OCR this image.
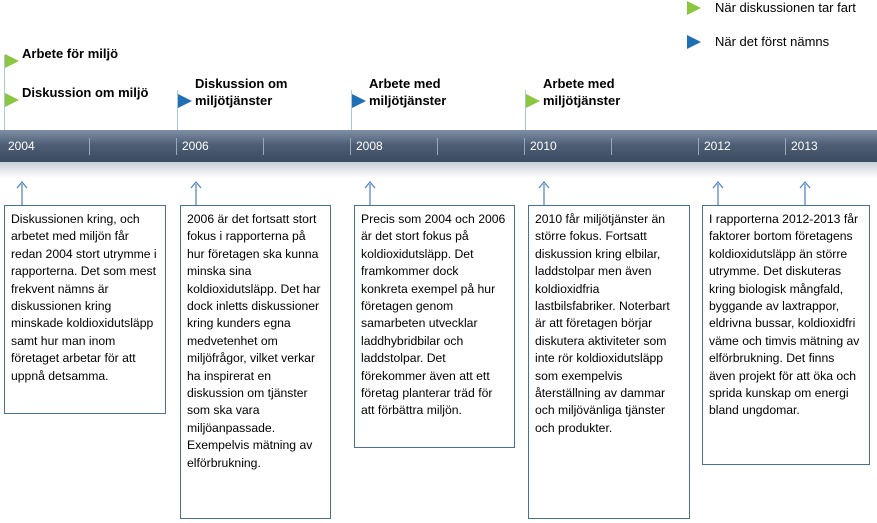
När diskussionen tar fart
När det först nämns
Arbete för miljö
Diskussion om miljö
Diskussion om miljötjänster
Arbete med miljötjänster
Arbete med miljötjänster
2004	2006	2008	2010	2012	2013
Diskussionen kring, och arbetet med miljön får redan 2004 stort utrymme i rapporterna. Det som mest frekvent nämns är diskussionen kring minskade koldioxidutsläpp samt hur man inom företaget arbetar för att uppnå detsamma.
2006 är det fortsatt stort fokus i rapporterna på hur företagen ska kunna minska sina koldioxidutsläpp. Det har dock inletts diskussioner kring kunders egna medvetenhet om miljöfrågor, vilket verkar ha inspirerat en diskussion om tjänster som ska vara miljöanpassade. Exempelvis mätning av elförbrukning.
Precis som 2004 och 2006 är det stort fokus på koldioxidutsläpp. Det framkommer dock konkreta exempel på hur företagen genom samarbeten utvecklar laddhybridbilar och laddstolpar. Det förekommer även att ett företag planterar träd för att förbättra miljön.
2010 får miljötjänster än större fokus. Fortsatt diskussion kring elbilar, laddstolpar men även koldioxidfria lastbilsfabriker. Noterbart är att företagen börjar diskutera aktiviteter som inte rör koldioxidutsläpp som exempelvis återställning av dammar och miljövänliga tjänster och produkter.
I rapporterna 2012-2013 får faktorer bortom företagens koldioxidutsläpp än större utrymme. Det diskuteras kring biologisk mångfald, byggande av laxtrappor, eldrivna bussar, koldioxidfri väme och timvis mätning av elförbrukning. Det finns även projekt för att öka och sprida kunskap om energi bland ungdomar.
